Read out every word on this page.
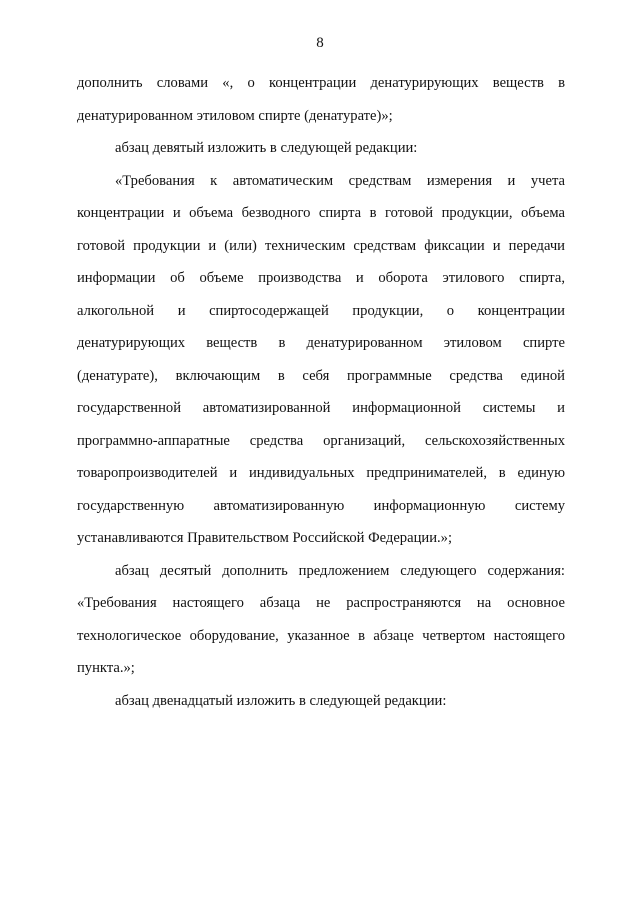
8
дополнить словами «, о концентрации денатурирующих веществ в
денатурированном этиловом спирте (денатурате)»;
абзац девятый изложить в следующей редакции:
«Требования к автоматическим средствам измерения и учета
концентрации и объема безводного спирта в готовой продукции, объема
готовой продукции и (или) техническим средствам фиксации и передачи
информации об объеме производства и оборота этилового спирта,
алкогольной и спиртосодержащей продукции, о концентрации
денатурирующих веществ в денатурированном этиловом спирте
(денатурате), включающим в себя программные средства единой
государственной автоматизированной информационной системы и
программно-аппаратные средства организаций, сельскохозяйственных
товаропроизводителей и индивидуальных предпринимателей, в единую
государственную автоматизированную информационную систему
устанавливаются Правительством Российской Федерации.»;
абзац десятый дополнить предложением следующего содержания:
«Требования настоящего абзаца не распространяются на основное
технологическое оборудование, указанное в абзаце четвертом настоящего
пункта.»;
абзац двенадцатый изложить в следующей редакции:
